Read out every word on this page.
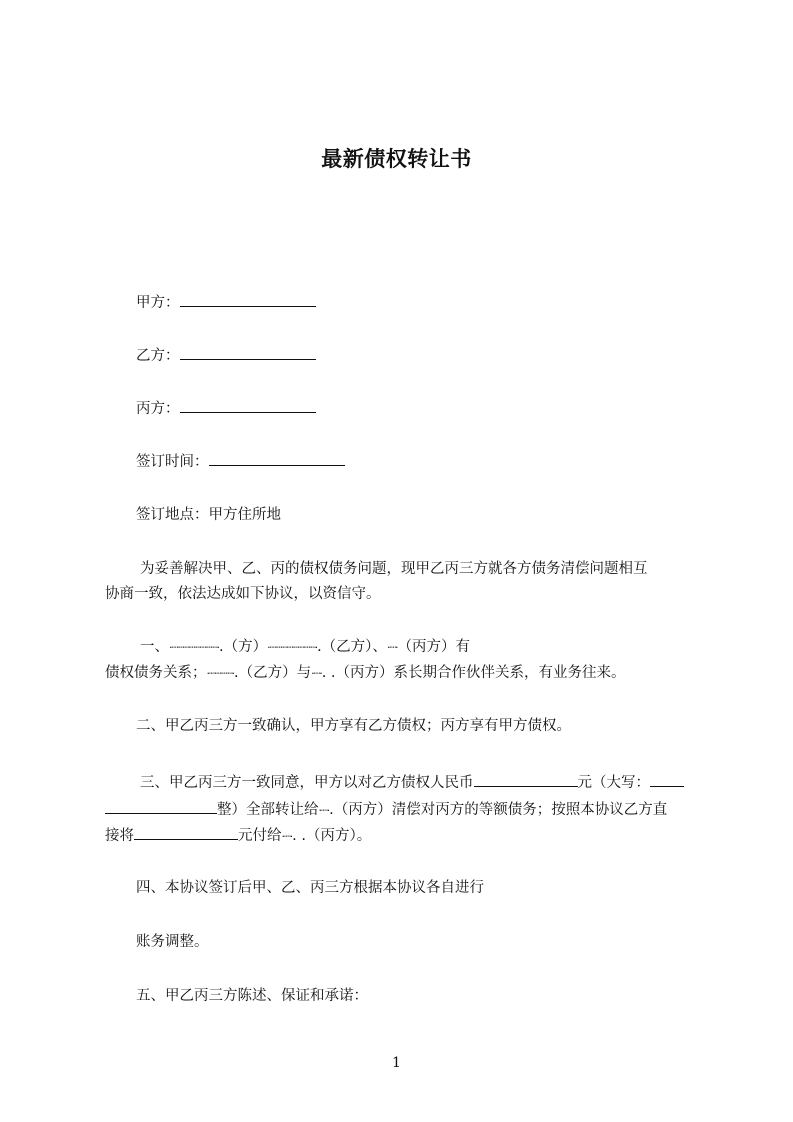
最新债权转让书
甲方：
乙方：
丙方：
签订时间：
签订地点：甲方住所地
为妥善解决甲、乙、丙的债权债务问题，现甲乙丙三方就各方债务清偿问题相互
协商一致，依法达成如下协议，以资信守。
一、·┈┈┈┈┈┈┈┈·.（方）·┈┈┈┈┈┈┈┈·.（乙方）、·┈·（丙方）有
债权债务关系；·┈┈┈┈·.（乙方）与·┈·. .（丙方）系长期合作伙伴关系，有业务往来。
二、甲乙丙三方一致确认，甲方享有乙方债权；丙方享有甲方债权。
三、甲乙丙三方一致同意，甲方以对乙方债权人民币	元（大写：
整）全部转让给·┈·.（丙方）清偿对丙方的等额债务；按照本协议乙方直
接将	元付给·┈·. .（丙方）。
四、本协议签订后甲、乙、丙三方根据本协议各自进行
账务调整。
五、甲乙丙三方陈述、保证和承诺：
1
